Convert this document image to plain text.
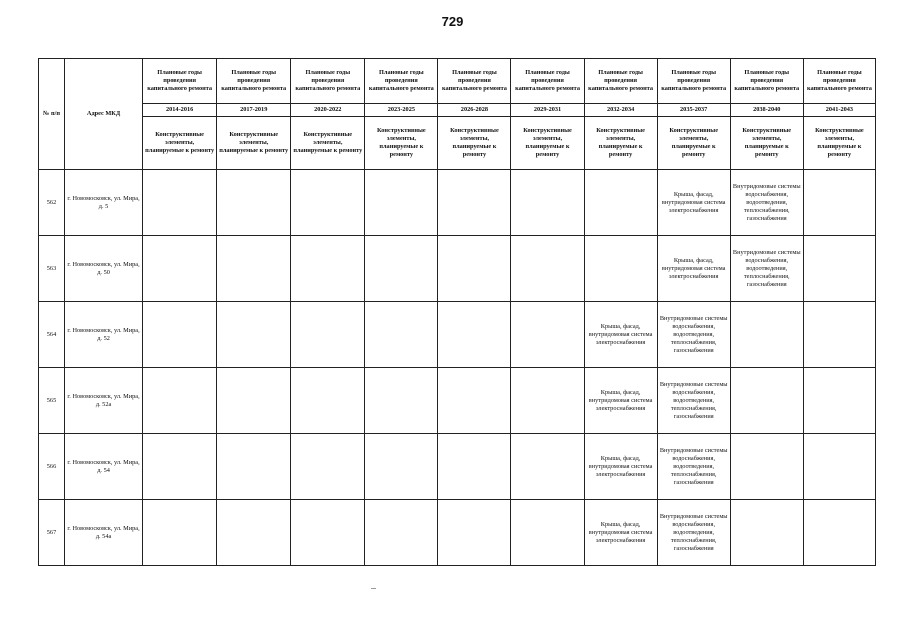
729
№ п/п	Адрес МКД	Плановые годы проведения капитального ремонта	Плановые годы проведения капитального ремонта	Плановые годы проведения капитального ремонта	Плановые годы проведения капитального ремонта	Плановые годы проведения капитального ремонта	Плановые годы проведения капитального ремонта	Плановые годы проведения капитального ремонта	Плановые годы проведения капитального ремонта	Плановые годы проведения капитального ремонта	Плановые годы проведения капитального ремонта
		2014-2016	2017-2019	2020-2022	2023-2025	2026-2028	2029-2031	2032-2034	2035-2037	2038-2040	2041-2043
		Конструктивные элементы, планируемые к ремонту	Конструктивные элементы, планируемые к ремонту	Конструктивные элементы, планируемые к ремонту	Конструктивные элементы, планируемые к ремонту	Конструктивные элементы, планируемые к ремонту	Конструктивные элементы, планируемые к ремонту	Конструктивные элементы, планируемые к ремонту	Конструктивные элементы, планируемые к ремонту	Конструктивные элементы, планируемые к ремонту	Конструктивные элементы, планируемые к ремонту
562	г. Новомосковск, ул. Мира, д. 5								Крыша, фасад, внутридомовая система электроснабжения	Внутридомовые системы водоснабжения, водоотведения, теплоснабжения, газоснабжения	
563	г. Новомосковск, ул. Мира, д. 50								Крыша, фасад, внутридомовая система электроснабжения	Внутридомовые системы водоснабжения, водоотведения, теплоснабжения, газоснабжения	
564	г. Новомосковск, ул. Мира, д. 52							Крыша, фасад, внутридомовая система электроснабжения	Внутридомовые системы водоснабжения, водоотведения, теплоснабжения, газоснабжения		
565	г. Новомосковск, ул. Мира, д. 52а							Крыша, фасад, внутридомовая система электроснабжения	Внутридомовые системы водоснабжения, водоотведения, теплоснабжения, газоснабжения		
566	г. Новомосковск, ул. Мира, д. 54							Крыша, фасад, внутридомовая система электроснабжения	Внутридомовые системы водоснабжения, водоотведения, теплоснабжения, газоснабжения		
567	г. Новомосковск, ул. Мира, д. 54а							Крыша, фасад, внутридомовая система электроснабжения	Внутридомовые системы водоснабжения, водоотведения, теплоснабжения, газоснабжения		
